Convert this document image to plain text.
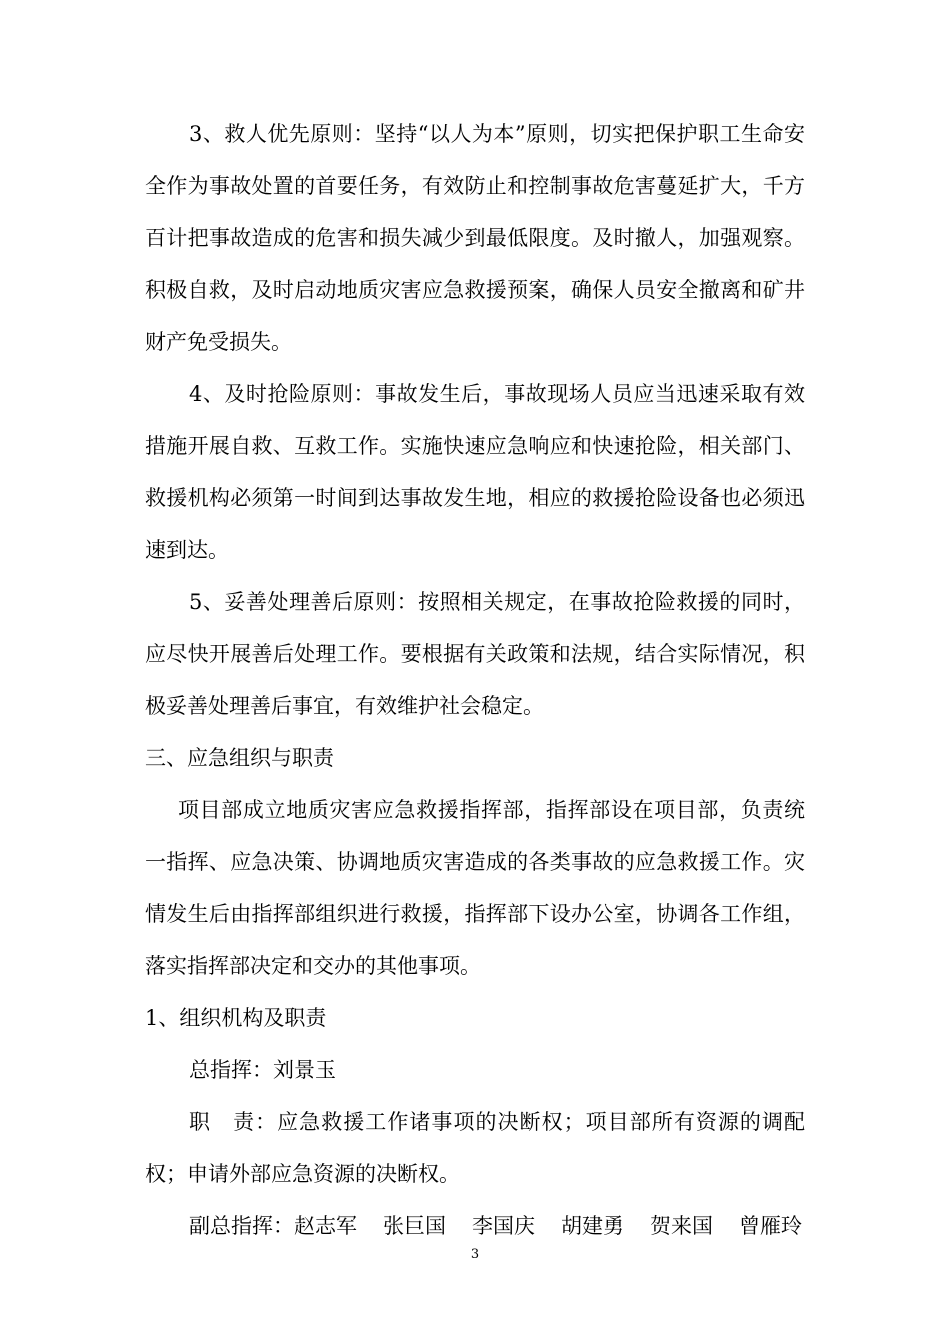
3、救人优先原则：坚持“以人为本”原则，切实把保护职工生命安全作为事故处置的首要任务，有效防止和控制事故危害蔓延扩大，千方百计把事故造成的危害和损失减少到最低限度。及时撤人，加强观察。积极自救，及时启动地质灾害应急救援预案，确保人员安全撤离和矿井财产免受损失。

4、及时抢险原则：事故发生后，事故现场人员应当迅速采取有效措施开展自救、互救工作。实施快速应急响应和快速抢险，相关部门、救援机构必须第一时间到达事故发生地，相应的救援抢险设备也必须迅速到达。

5、妥善处理善后原则：按照相关规定，在事故抢险救援的同时，应尽快开展善后处理工作。要根据有关政策和法规，结合实际情况，积极妥善处理善后事宜，有效维护社会稳定。

三、应急组织与职责

项目部成立地质灾害应急救援指挥部，指挥部设在项目部，负责统一指挥、应急决策、协调地质灾害造成的各类事故的应急救援工作。灾情发生后由指挥部组织进行救援，指挥部下设办公室，协调各工作组，落实指挥部决定和交办的其他事项。

1、组织机构及职责

总指挥：刘景玉

职　责：应急救援工作诸事项的决断权；项目部所有资源的调配权；申请外部应急资源的决断权。

副总指挥： 赵志军 张巨国 李国庆 胡建勇 贺来国 曾雁玲
3
